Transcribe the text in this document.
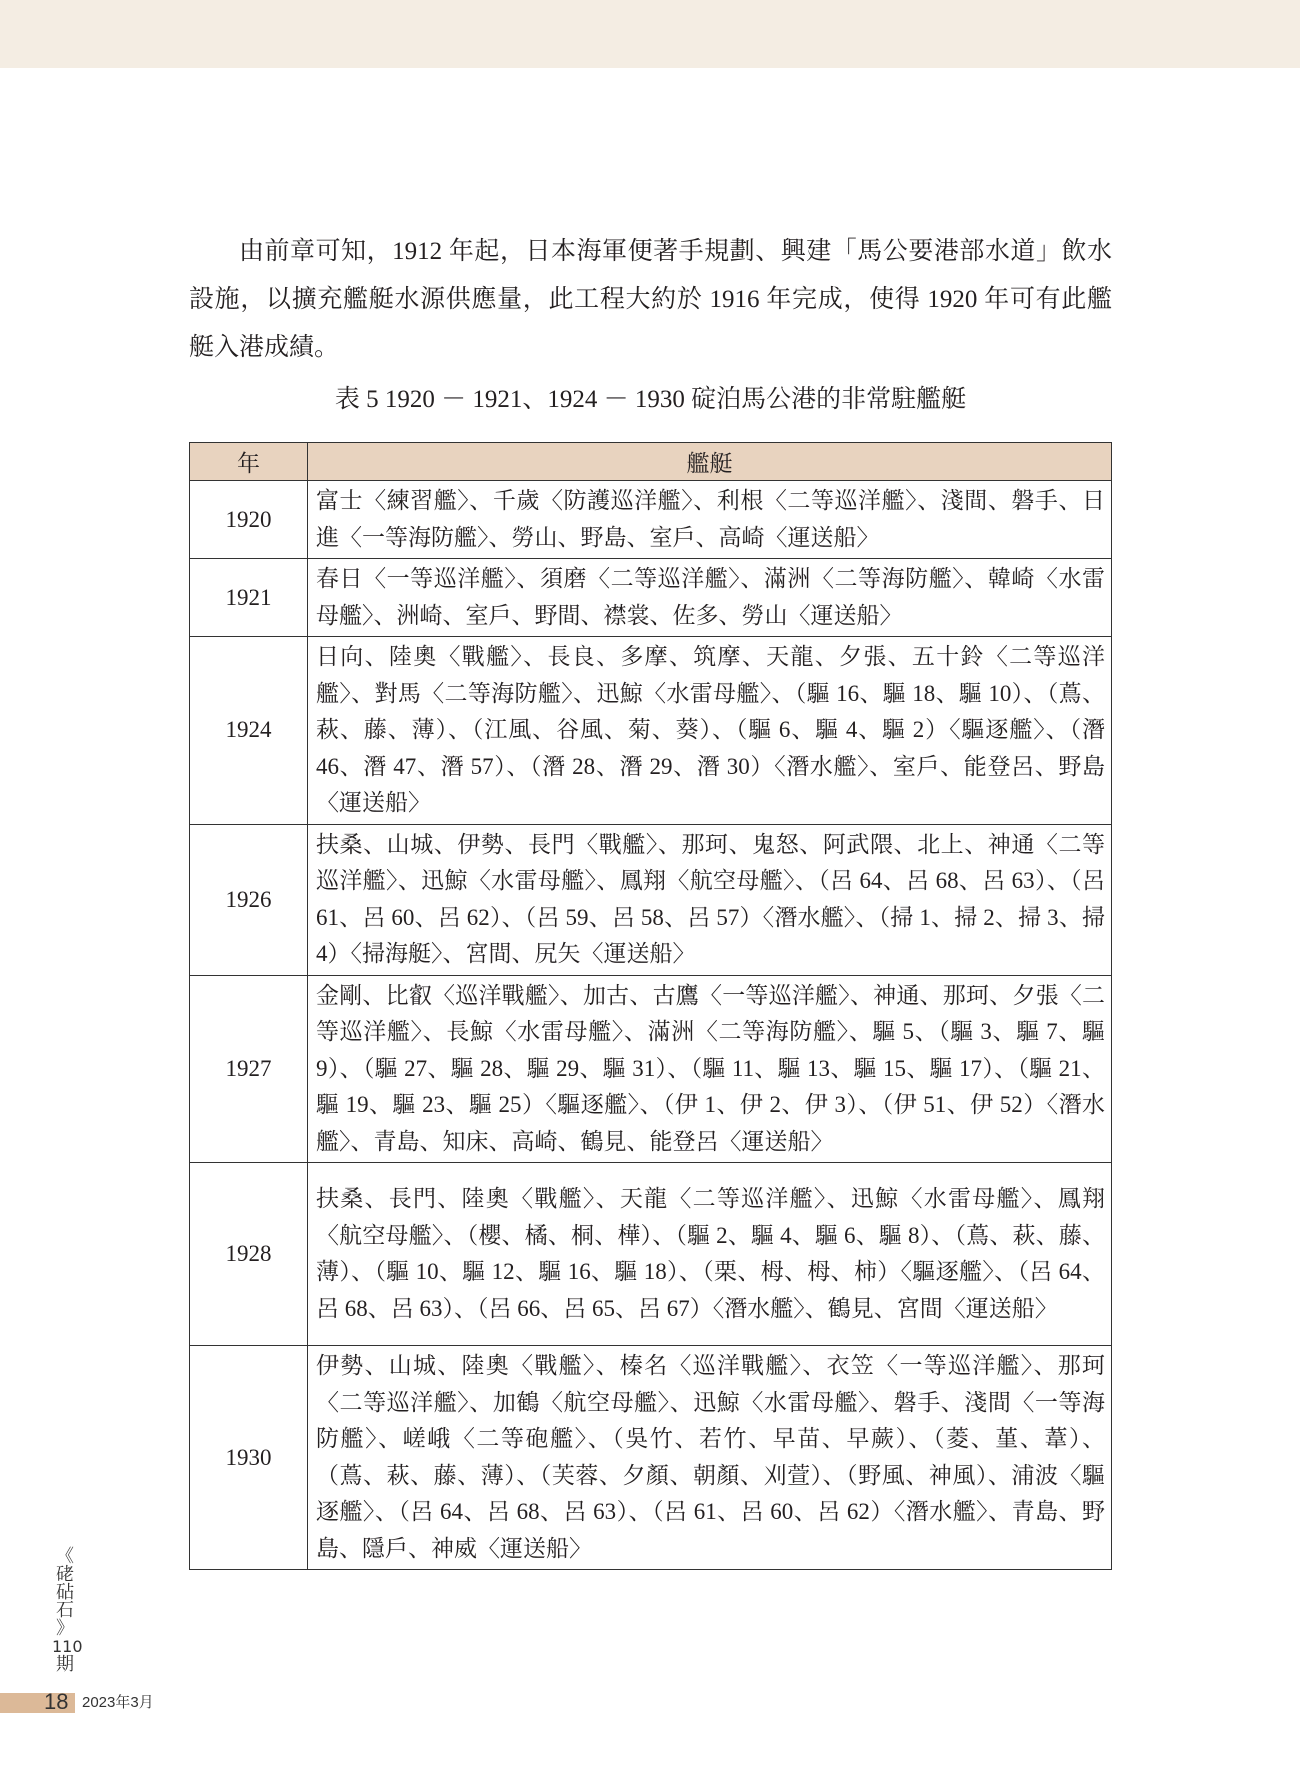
由前章可知，1912 年起，日本海軍便著手規劃、興建「馬公要港部水道」飲水設施，以擴充艦艇水源供應量，此工程大約於 1916 年完成，使得 1920 年可有此艦艇入港成績。

表 5 1920 － 1921、1924 － 1930 碇泊馬公港的非常駐艦艇
年	艦艇
1920	富士〈練習艦〉、千歲〈防護巡洋艦〉、利根〈二等巡洋艦〉、淺間、磐手、日進〈一等海防艦〉、勞山、野島、室戶、高崎〈運送船〉
1921	春日〈一等巡洋艦〉、須磨〈二等巡洋艦〉、滿洲〈二等海防艦〉、韓崎〈水雷母艦〉、洲崎、室戶、野間、襟裳、佐多、勞山〈運送船〉
1924	日向、陸奧〈戰艦〉、長良、多摩、筑摩、天龍、夕張、五十鈴〈二等巡洋艦〉、對馬〈二等海防艦〉、迅鯨〈水雷母艦〉、（驅 16、驅 18、驅 10）、（蔦、萩、藤、薄）、（江風、谷風、菊、葵）、（驅 6、驅 4、驅 2）〈驅逐艦〉、（潛 46、潛 47、潛 57）、（潛 28、潛 29、潛 30）〈潛水艦〉、室戶、能登呂、野島〈運送船〉
1926	扶桑、山城、伊勢、長門〈戰艦〉、那珂、鬼怒、阿武隈、北上、神通〈二等巡洋艦〉、迅鯨〈水雷母艦〉、鳳翔〈航空母艦〉、（呂 64、呂 68、呂 63）、（呂 61、呂 60、呂 62）、（呂 59、呂 58、呂 57）〈潛水艦〉、（掃 1、掃 2、掃 3、掃 4）〈掃海艇〉、宮間、尻矢〈運送船〉
1927	金剛、比叡〈巡洋戰艦〉、加古、古鷹〈一等巡洋艦〉、神通、那珂、夕張〈二等巡洋艦〉、長鯨〈水雷母艦〉、滿洲〈二等海防艦〉、驅 5、（驅 3、驅 7、驅 9）、（驅 27、驅 28、驅 29、驅 31）、（驅 11、驅 13、驅 15、驅 17）、（驅 21、驅 19、驅 23、驅 25）〈驅逐艦〉、（伊 1、伊 2、伊 3）、（伊 51、伊 52）〈潛水艦〉、青島、知床、高崎、鶴見、能登呂〈運送船〉
1928	扶桑、長門、陸奧〈戰艦〉、天龍〈二等巡洋艦〉、迅鯨〈水雷母艦〉、鳳翔〈航空母艦〉、（櫻、橘、桐、樺）、（驅 2、驅 4、驅 6、驅 8）、（蔦、萩、藤、薄）、（驅 10、驅 12、驅 16、驅 18）、（栗、栂、栂、柿）〈驅逐艦〉、（呂 64、呂 68、呂 63）、（呂 66、呂 65、呂 67）〈潛水艦〉、鶴見、宮間〈運送船〉
1930	伊勢、山城、陸奧〈戰艦〉、榛名〈巡洋戰艦〉、衣笠〈一等巡洋艦〉、那珂〈二等巡洋艦〉、加鶴〈航空母艦〉、迅鯨〈水雷母艦〉、磐手、淺間〈一等海防艦〉、嵯峨〈二等砲艦〉、（吳竹、若竹、早苗、早蕨）、（菱、堇、葦）、（蔦、萩、藤、薄）、（芙蓉、夕顏、朝顏、刈萱）、（野風、神風）、浦波〈驅逐艦〉、（呂 64、呂 68、呂 63）、（呂 61、呂 60、呂 62）〈潛水艦〉、青島、野島、隱戶、神威〈運送船〉
《
硓
砧
石
》
110
期
18 2023年3月
